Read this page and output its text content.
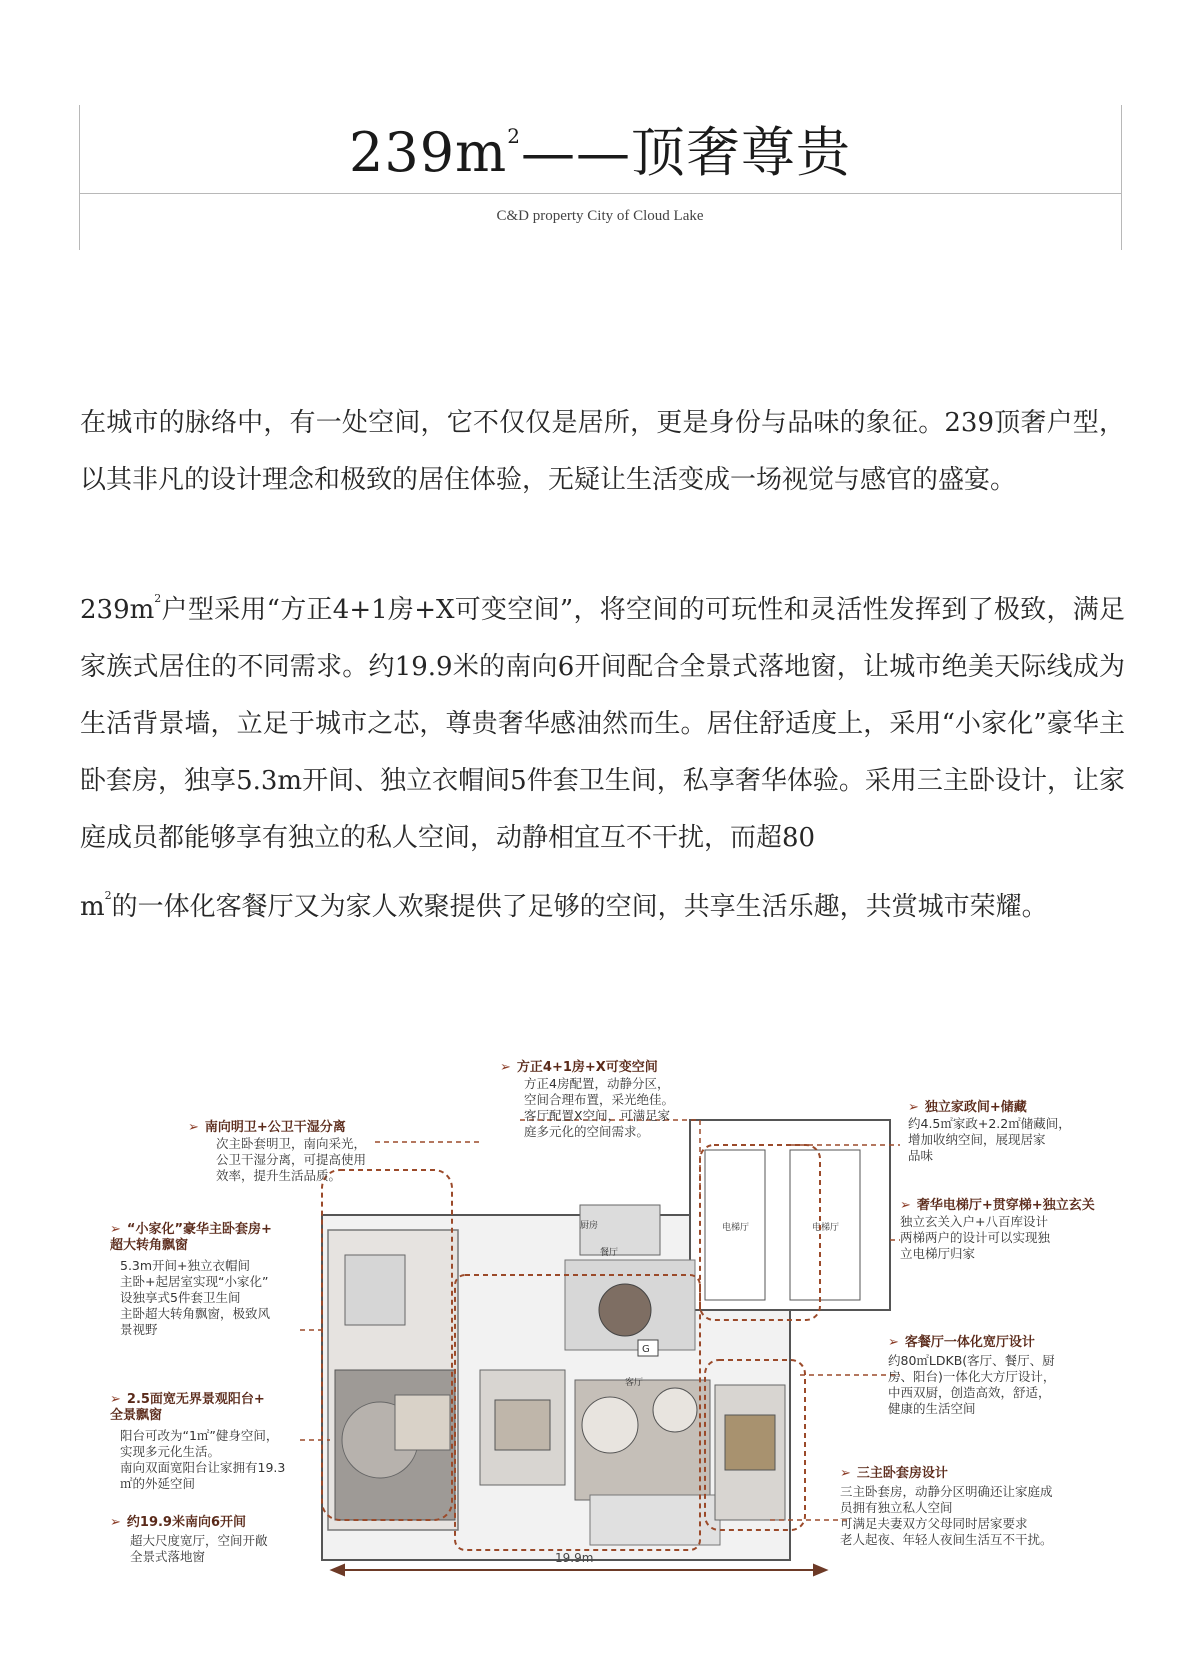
$239m^2——$顶奢尊贵
C&D property City of Cloud Lake
在城市的脉络中，有一处空间，它不仅仅是居所，更是身份与品味的象征。239顶奢户型，以其非凡的设计理念和极致的居住体验，无疑让生活变成一场视觉与感官的盛宴。
$239m^2$户型采用“方正4+1房+X可变空间”，将空间的可玩性和灵活性发挥到了极致，满足家族式居住的不同需求。约19.9米的南向6开间配合全景式落地窗，让城市绝美天际线成为生活背景墙，立足于城市之芯，尊贵奢华感油然而生。居住舒适度上，采用“小家化”豪华主卧套房，独享5.3m开间、独立衣帽间5件套卫生间，私享奢华体验。采用三主卧设计，让家庭成员都能够享有独立的私人空间，动静相宜互不干扰，而超80
$m^2$的一体化客餐厅又为家人欢聚提供了足够的空间，共享生活乐趣，共赏城市荣耀。
厨房
餐厅
客厅
电梯厅	电梯厅
G
19.9m
➢ 南向明卫+公卫干湿分离
次主卧套明卫，南向采光，
公卫干湿分离，可提高使用
效率，提升生活品质。
➢ 方正4+1房+X可变空间
方正4房配置，动静分区，
空间合理布置，采光绝佳。
客厅配置X空间，可满足家
庭多元化的空间需求。
➢ 独立家政间+储藏
约4.5㎡家政+2.2㎡储藏间，
增加收纳空间，展现居家
品味
➢ 奢华电梯厅+贯穿梯+独立玄关
独立玄关入户+八百库设计
两梯两户的设计可以实现独
立电梯厅归家
➢ “小家化”豪华主卧套房+
超大转角飘窗
5.3m开间+独立衣帽间
主卧+起居室实现“小家化”
设独享式5件套卫生间
主卧超大转角飘窗，极致风
景视野
➢ 客餐厅一体化宽厅设计
约80㎡LDKB(客厅、餐厅、厨
房、阳台)一体化大方厅设计，
中西双厨，创造高效，舒适，
健康的生活空间
➢ 2.5面宽无界景观阳台+
全景飘窗
阳台可改为“1㎡”健身空间，
实现多元化生活。
南向双面宽阳台让家拥有19.3
㎡的外延空间
➢ 三主卧套房设计
三主卧套房，动静分区明确还让家庭成
员拥有独立私人空间
可满足夫妻双方父母同时居家要求
老人起夜、年轻人夜间生活互不干扰。
➢ 约19.9米南向6开间
超大尺度宽厅，空间开敞
全景式落地窗
